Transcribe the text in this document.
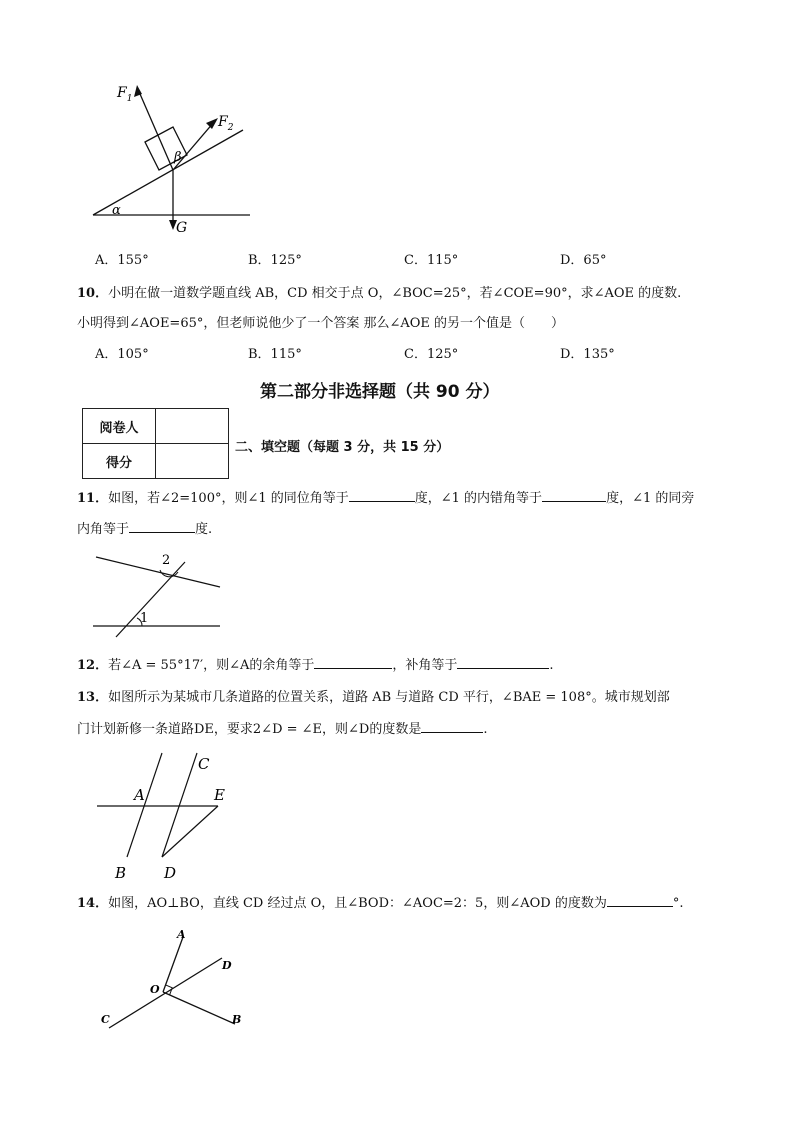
$F_1$
$F_2$
β
α
G
A．155°	B．125°	C．115°	D．65°
10．小明在做一道数学题直线 AB，CD 相交于点 O，∠BOC=25°，若∠COE=90°，求∠AOE 的度数.
小明得到∠AOE=65°，但老师说他少了一个答案 那么∠AOE 的另一个值是（　　）
A．105°	B．115°	C．125°	D．135°
第二部分非选择题（共 90 分）
阅卷人	
得分	
二、填空题（每题 3 分，共 15 分）
11．如图，若∠2=100°，则∠1 的同位角等于	度，∠1 的内错角等于	度，∠1 的同旁
内角等于	度.
2
1
12．若∠A = 55°17′，则∠A的余角等于	，补角等于	.
13．如图所示为某城市几条道路的位置关系，道路 AB 与道路 CD 平行，∠BAE = 108°。城市规划部
门计划新修一条道路DE，要求2∠D = ∠E，则∠D的度数是	.
A
B
C
D
E
14．如图，AO⊥BO，直线 CD 经过点 O，且∠BOD：∠AOC=2：5，则∠AOD 的度数为	°.
A
D
O
C	B
